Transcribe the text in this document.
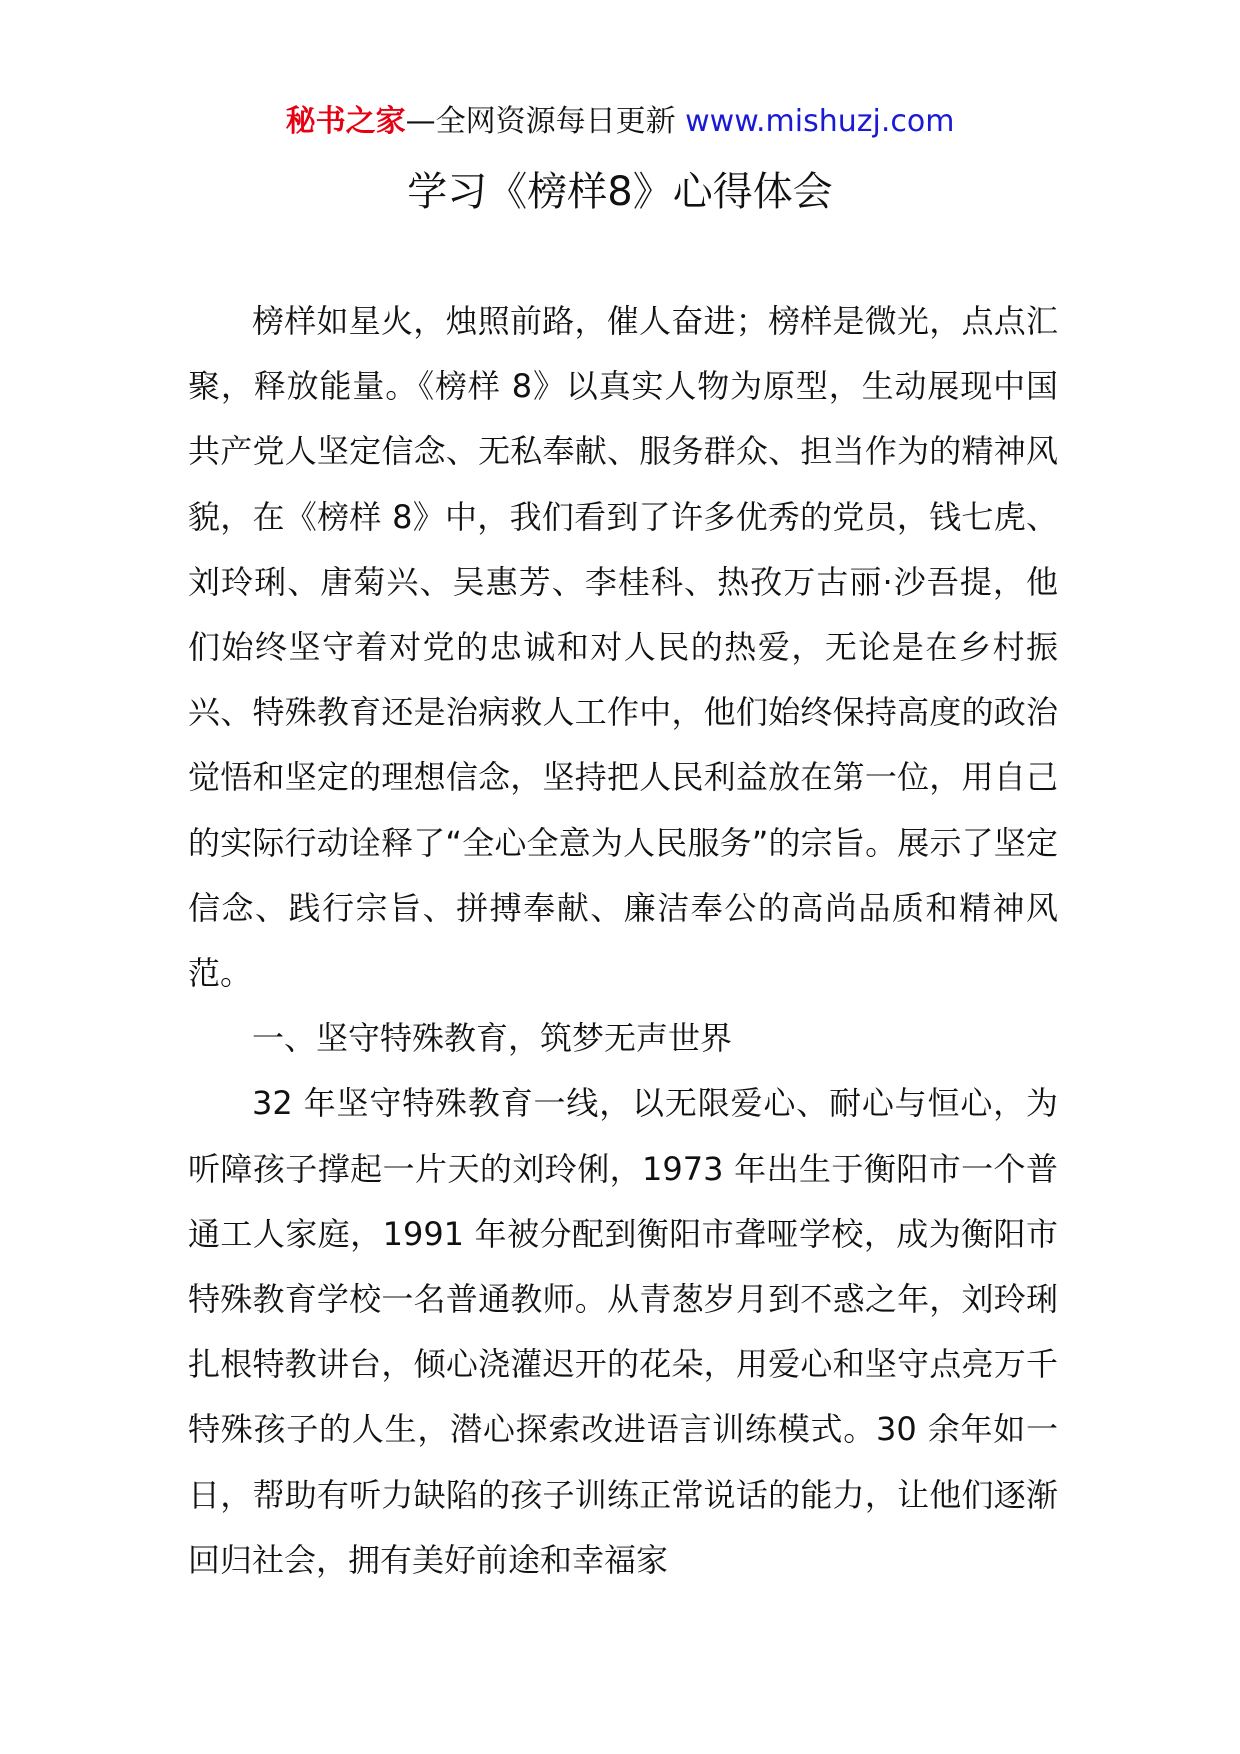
秘书之家—全网资源每日更新 www.mishuzj.com
学习《榜样8》心得体会

榜样如星火，烛照前路，催人奋进；榜样是微光，点点汇聚，释放能量。《榜样 8》以真实人物为原型，生动展现中国共产党人坚定信念、无私奉献、服务群众、担当作为的精神风貌，在《榜样 8》中，我们看到了许多优秀的党员，钱七虎、刘玲琍、唐菊兴、吴惠芳、李桂科、热孜万古丽·沙吾提，他们始终坚守着对党的忠诚和对人民的热爱，无论是在乡村振兴、特殊教育还是治病救人工作中，他们始终保持高度的政治觉悟和坚定的理想信念，坚持把人民利益放在第一位，用自己的实际行动诠释了“全心全意为人民服务”的宗旨。展示了坚定信念、践行宗旨、拼搏奉献、廉洁奉公的高尚品质和精神风范。

一、坚守特殊教育，筑梦无声世界

32 年坚守特殊教育一线，以无限爱心、耐心与恒心，为听障孩子撑起一片天的刘玲俐，1973 年出生于衡阳市一个普通工人家庭，1991 年被分配到衡阳市聋哑学校，成为衡阳市特殊教育学校一名普通教师。从青葱岁月到不惑之年，刘玲琍扎根特教讲台，倾心浇灌迟开的花朵，用爱心和坚守点亮万千特殊孩子的人生，潜心探索改进语言训练模式。30 余年如一日，帮助有听力缺陷的孩子训练正常说话的能力，让他们逐渐回归社会，拥有美好前途和幸福家
